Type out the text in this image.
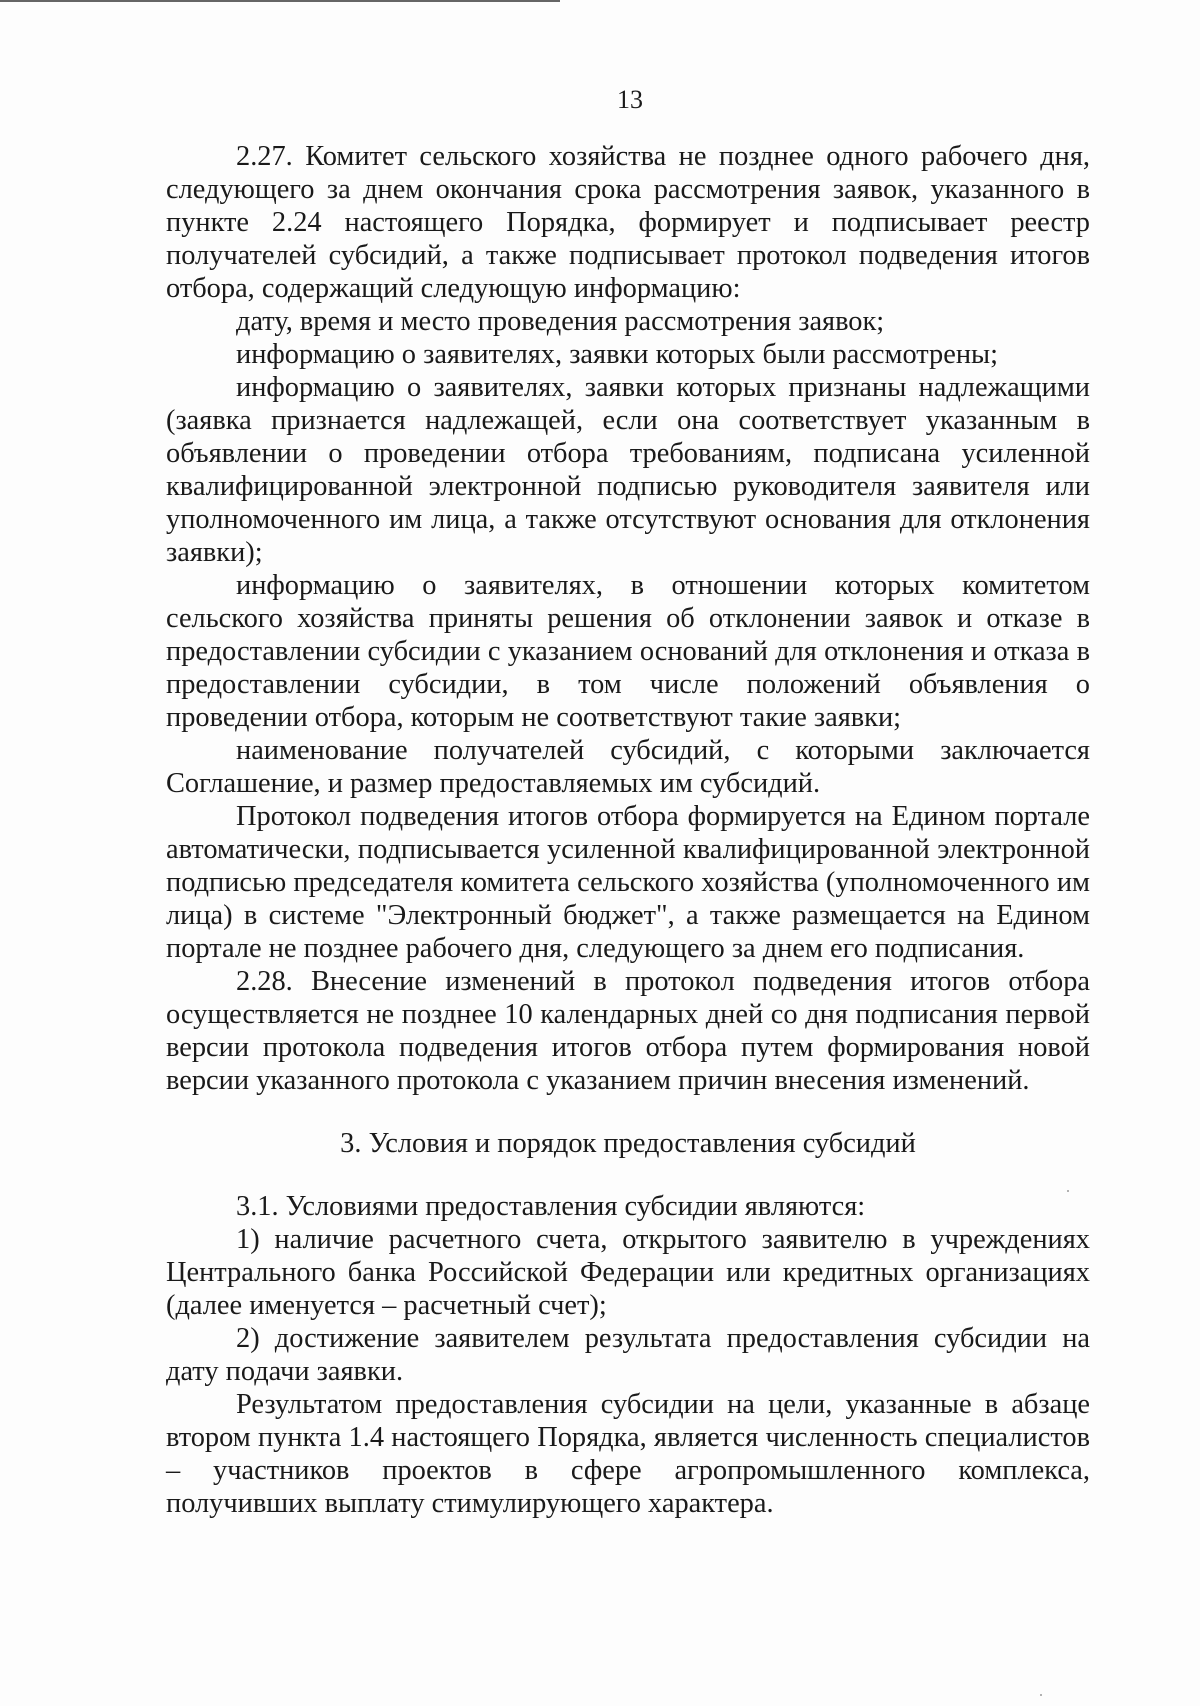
13

2.27. Комитет сельского хозяйства не позднее одного рабочего дня, следующего за днем окончания срока рассмотрения заявок, указанного в пункте 2.24 настоящего Порядка, формирует и подписывает реестр получателей субсидий, а также подписывает протокол подведения итогов отбора, содержащий следующую информацию:

дату, время и место проведения рассмотрения заявок;

информацию о заявителях, заявки которых были рассмотрены;

информацию о заявителях, заявки которых признаны надлежащими (заявка признается надлежащей, если она соответствует указанным в объявлении о проведении отбора требованиям, подписана усиленной квалифицированной электронной подписью руководителя заявителя или уполномоченного им лица, а также отсутствуют основания для отклонения заявки);

информацию о заявителях, в отношении которых комитетом сельского хозяйства приняты решения об отклонении заявок и отказе в предоставлении субсидии с указанием оснований для отклонения и отказа в предоставлении субсидии, в том числе положений объявления о проведении отбора, которым не соответствуют такие заявки;

наименование получателей субсидий, с которыми заключается Соглашение, и размер предоставляемых им субсидий.

Протокол подведения итогов отбора формируется на Едином портале автоматически, подписывается усиленной квалифицированной электронной подписью председателя комитета сельского хозяйства (уполномоченного им лица) в системе "Электронный бюджет", а также размещается на Едином портале не позднее рабочего дня, следующего за днем его подписания.

2.28. Внесение изменений в протокол подведения итогов отбора осуществляется не позднее 10 календарных дней со дня подписания первой версии протокола подведения итогов отбора путем формирования новой версии указанного протокола с указанием причин внесения изменений.

3. Условия и порядок предоставления субсидий

3.1. Условиями предоставления субсидии являются:

1) наличие расчетного счета, открытого заявителю в учреждениях Центрального банка Российской Федерации или кредитных организациях (далее именуется – расчетный счет);

2) достижение заявителем результата предоставления субсидии на дату подачи заявки.

Результатом предоставления субсидии на цели, указанные в абзаце втором пункта 1.4 настоящего Порядка, является численность специалистов – участников проектов в сфере агропромышленного комплекса, получивших выплату стимулирующего характера.
